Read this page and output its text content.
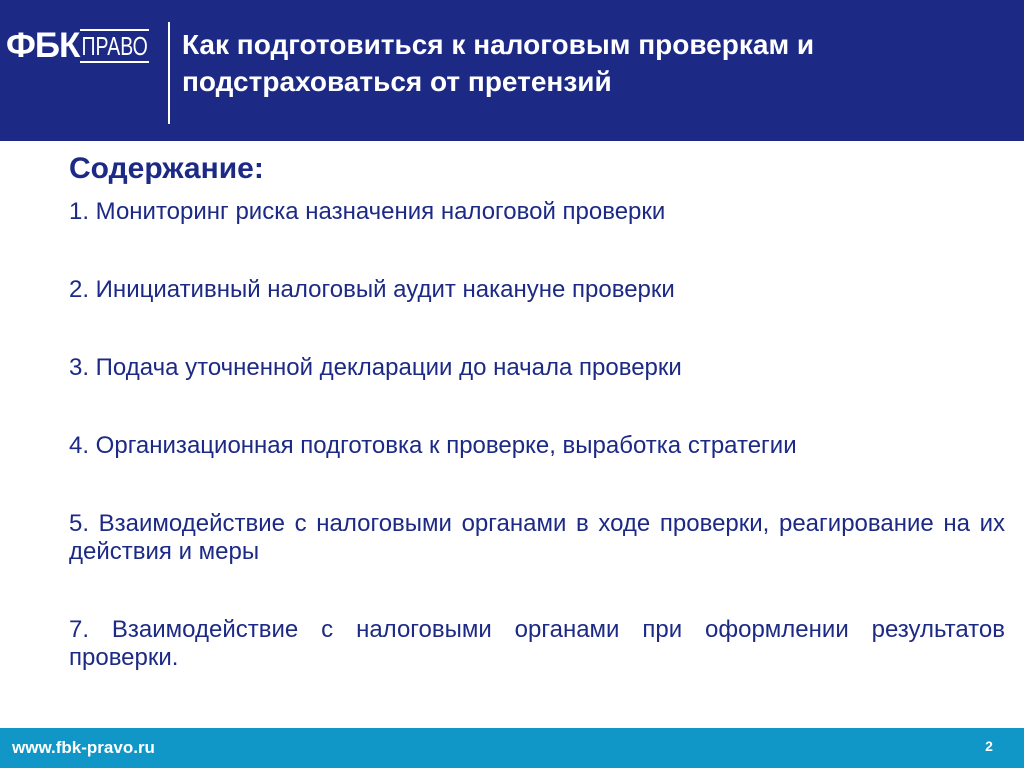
ФБК ПРАВО Как подготовиться к налоговым проверкам и подстраховаться от претензий

Содержание:

1. Мониторинг риска назначения налоговой проверки

2. Инициативный налоговый аудит накануне проверки

3. Подача уточненной декларации до начала проверки

4. Организационная подготовка к проверке, выработка стратегии

5. Взаимодействие с налоговыми органами в ходе проверки, реагирование на их действия и меры

7. Взаимодействие с налоговыми органами при оформлении результатов проверки.

www.fbk-pravo.ru	2
